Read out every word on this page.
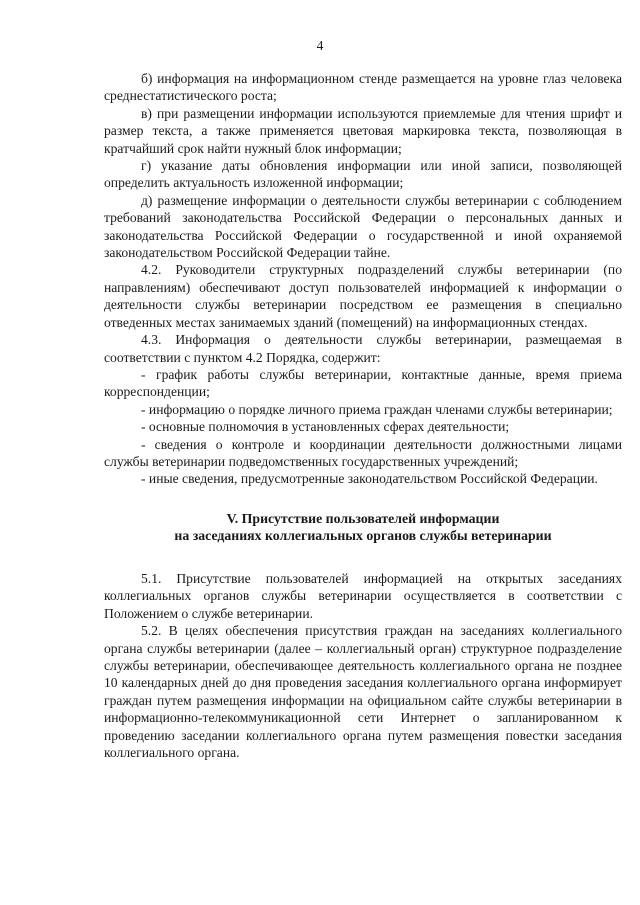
4

б) информация на информационном стенде размещается на уровне глаз человека среднестатистического роста;

в) при размещении информации используются приемлемые для чтения шрифт и размер текста, а также применяется цветовая маркировка текста, позволяющая в кратчайший срок найти нужный блок информации;

г) указание даты обновления информации или иной записи, позволяющей определить актуальность изложенной информации;

д) размещение информации о деятельности службы ветеринарии с соблюдением требований законодательства Российской Федерации о персональных данных и законодательства Российской Федерации о государственной и иной охраняемой законодательством Российской Федерации тайне.

4.2. Руководители структурных подразделений службы ветеринарии (по направлениям) обеспечивают доступ пользователей информацией к информации о деятельности службы ветеринарии посредством ее размещения в специально отведенных местах занимаемых зданий (помещений) на информационных стендах.

4.3. Информация о деятельности службы ветеринарии, размещаемая в соответствии с пунктом 4.2 Порядка, содержит:

- график работы службы ветеринарии, контактные данные, время приема корреспонденции;

- информацию о порядке личного приема граждан членами службы ветеринарии;

- основные полномочия в установленных сферах деятельности;

- сведения о контроле и координации деятельности должностными лицами службы ветеринарии подведомственных государственных учреждений;

- иные сведения, предусмотренные законодательством Российской Федерации.

V. Присутствие пользователей информации

на заседаниях коллегиальных органов службы ветеринарии

5.1. Присутствие пользователей информацией на открытых заседаниях коллегиальных органов службы ветеринарии осуществляется в соответствии с Положением о службе ветеринарии.

5.2. В целях обеспечения присутствия граждан на заседаниях коллегиального органа службы ветеринарии (далее – коллегиальный орган) структурное подразделение службы ветеринарии, обеспечивающее деятельность коллегиального органа не позднее 10 календарных дней до дня проведения заседания коллегиального органа информирует граждан путем размещения информации на официальном сайте службы ветеринарии в информационно-телекоммуникационной сети Интернет о запланированном к проведению заседании коллегиального органа путем размещения повестки заседания коллегиального органа.
